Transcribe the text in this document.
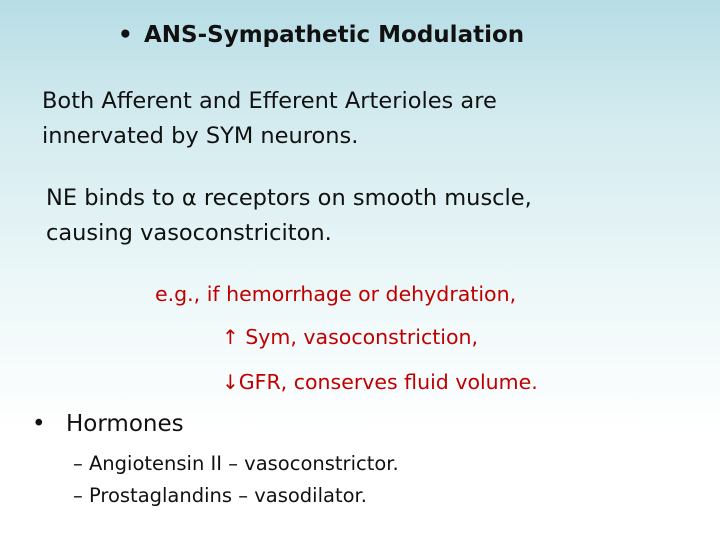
• ANS-Sympathetic Modulation
Both Afferent and Efferent Arterioles are
innervated by SYM neurons.
NE binds to α receptors on smooth muscle,
causing vasoconstriciton.
e.g., if hemorrhage or dehydration,
↑ Sym, vasoconstriction,
↓GFR, conserves fluid volume.
• Hormones
– Angiotensin II – vasoconstrictor.
– Prostaglandins – vasodilator.
